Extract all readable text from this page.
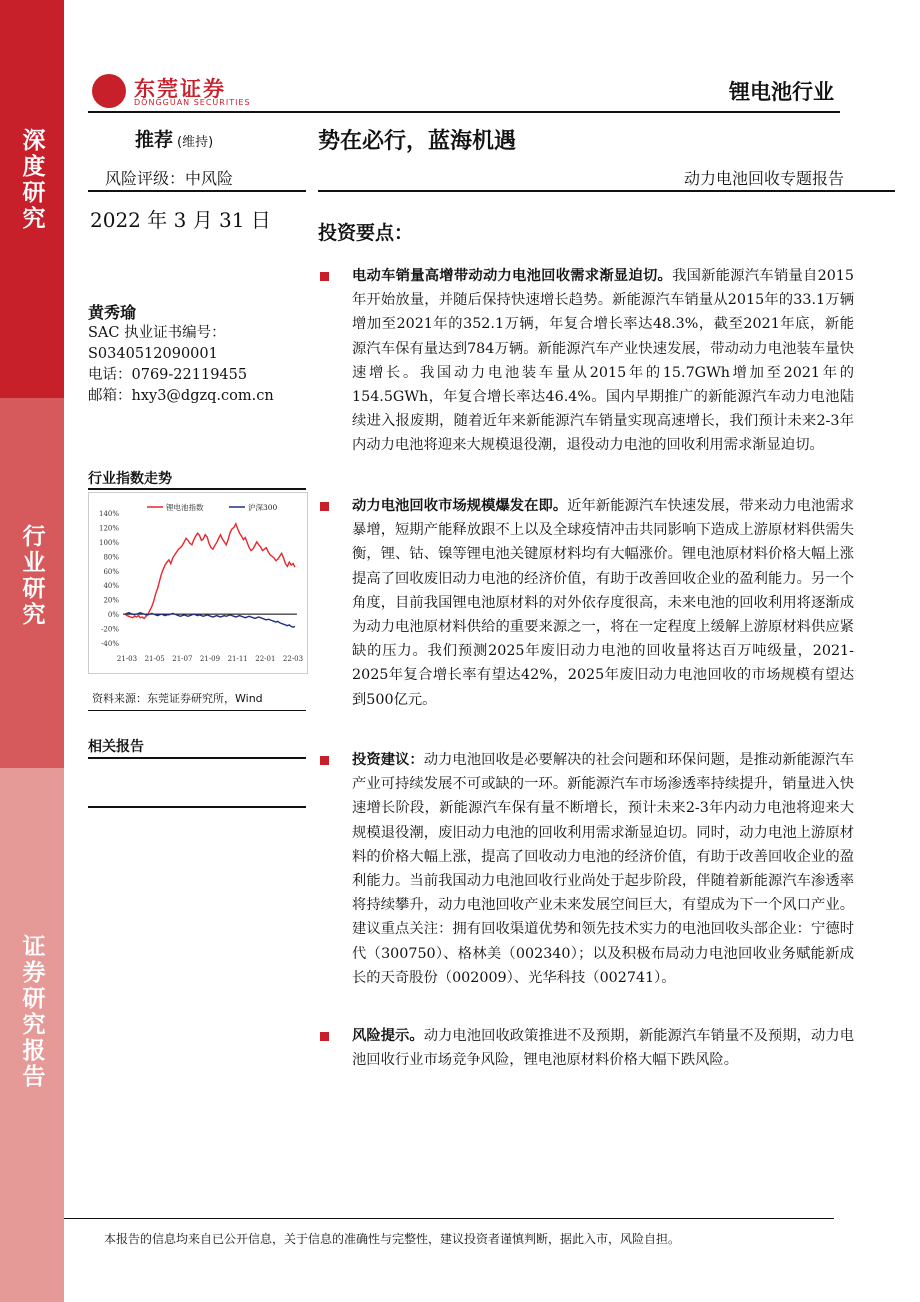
深度研究
行业研究
证券研究报告
东莞证券
DONGGUAN SECURITIES	锂电池行业
推荐 (维持)	势在必行，蓝海机遇
风险评级：中风险	动力电池回收专题报告
2022 年 3 月 31 日
黄秀瑜
SAC 执业证书编号：
S0340512090001
电话：0769-22119455
邮箱：hxy3@dgzq.com.cn
行业指数走势
140%
120%
100%
80%
60%
40%
20%
0%
-20%
-40%
21-03 21-05 21-07 21-09 21-11 22-01 22-03
锂电池指数	沪深300
资料来源：东莞证券研究所，Wind
相关报告
投资要点：
电动车销量高增带动动力电池回收需求渐显迫切。我国新能源汽车销量自2015年开始放量，并随后保持快速增长趋势。新能源汽车销量从2015年的33.1万辆增加至2021年的352.1万辆，年复合增长率达48.3%，截至2021年底，新能源汽车保有量达到784万辆。新能源汽车产业快速发展，带动动力电池装车量快速增长。我国动力电池装车量从2015年的15.7GWh增加至2021年的154.5GWh，年复合增长率达46.4%。国内早期推广的新能源汽车动力电池陆续进入报废期，随着近年来新能源汽车销量实现高速增长，我们预计未来2-3年内动力电池将迎来大规模退役潮，退役动力电池的回收利用需求渐显迫切。
动力电池回收市场规模爆发在即。近年新能源汽车快速发展，带来动力电池需求暴增，短期产能释放跟不上以及全球疫情冲击共同影响下造成上游原材料供需失衡，锂、钴、镍等锂电池关键原材料均有大幅涨价。锂电池原材料价格大幅上涨提高了回收废旧动力电池的经济价值，有助于改善回收企业的盈利能力。另一个角度，目前我国锂电池原材料的对外依存度很高，未来电池的回收利用将逐渐成为动力电池原材料供给的重要来源之一，将在一定程度上缓解上游原材料供应紧缺的压力。我们预测2025年废旧动力电池的回收量将达百万吨级量，2021-2025年复合增长率有望达42%，2025年废旧动力电池回收的市场规模有望达到500亿元。
投资建议：动力电池回收是必要解决的社会问题和环保问题，是推动新能源汽车产业可持续发展不可或缺的一环。新能源汽车市场渗透率持续提升，销量进入快速增长阶段，新能源汽车保有量不断增长，预计未来2-3年内动力电池将迎来大规模退役潮，废旧动力电池的回收利用需求渐显迫切。同时，动力电池上游原材料的价格大幅上涨，提高了回收动力电池的经济价值，有助于改善回收企业的盈利能力。当前我国动力电池回收行业尚处于起步阶段，伴随着新能源汽车渗透率将持续攀升，动力电池回收产业未来发展空间巨大，有望成为下一个风口产业。建议重点关注：拥有回收渠道优势和领先技术实力的电池回收头部企业：宁德时代（300750）、格林美（002340）；以及积极布局动力电池回收业务赋能新成长的天奇股份（002009）、光华科技（002741）。
风险提示。动力电池回收政策推进不及预期，新能源汽车销量不及预期，动力电池回收行业市场竞争风险，锂电池原材料价格大幅下跌风险。
本报告的信息均来自已公开信息，关于信息的准确性与完整性，建议投资者谨慎判断，据此入市，风险自担。
